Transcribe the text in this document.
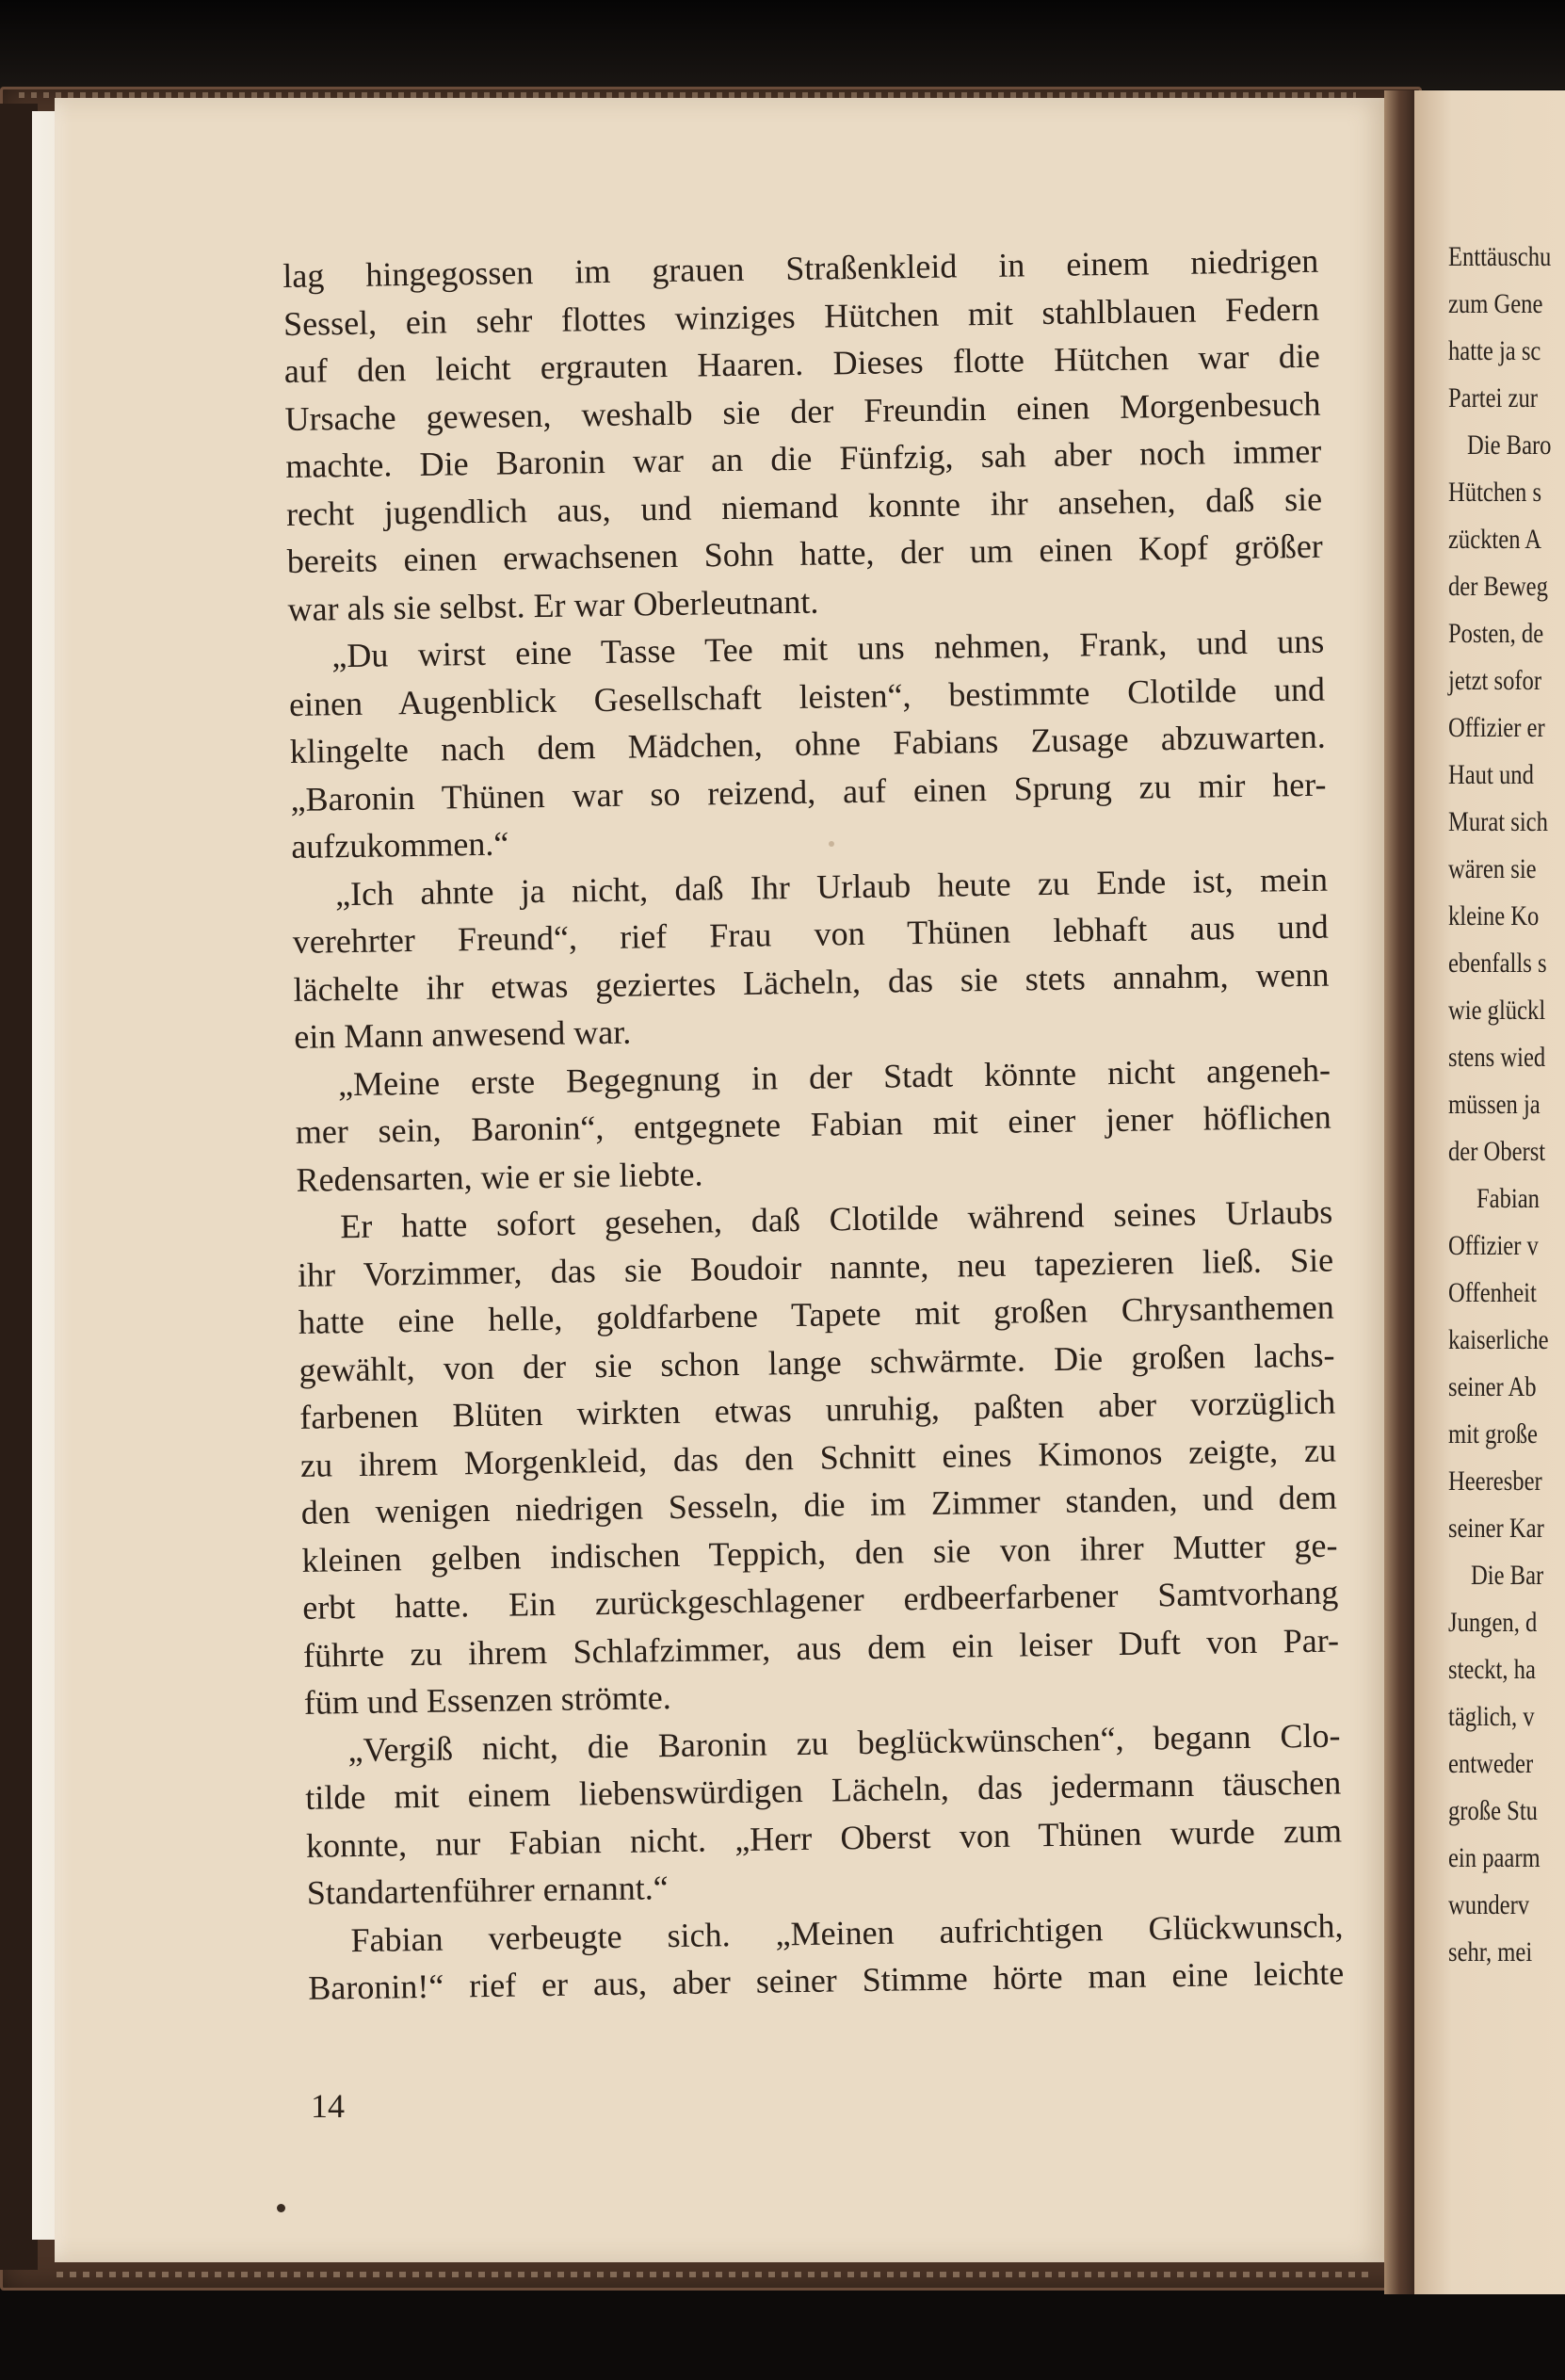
lag hingegossen im grauen Straßenkleid in einem niedrigen
Sessel, ein sehr flottes winziges Hütchen mit stahlblauen Federn
auf den leicht ergrauten Haaren. Dieses flotte Hütchen war die
Ursache gewesen, weshalb sie der Freundin einen Morgenbesuch
machte. Die Baronin war an die Fünfzig, sah aber noch immer
recht jugendlich aus, und niemand konnte ihr ansehen, daß sie
bereits einen erwachsenen Sohn hatte, der um einen Kopf größer
war als sie selbst. Er war Oberleutnant.
„Du wirst eine Tasse Tee mit uns nehmen, Frank, und uns
einen Augenblick Gesellschaft leisten“, bestimmte Clotilde und
klingelte nach dem Mädchen, ohne Fabians Zusage abzuwarten.
„Baronin Thünen war so reizend, auf einen Sprung zu mir her-
aufzukommen.“
„Ich ahnte ja nicht, daß Ihr Urlaub heute zu Ende ist, mein
verehrter Freund“, rief Frau von Thünen lebhaft aus und
lächelte ihr etwas geziertes Lächeln, das sie stets annahm, wenn
ein Mann anwesend war.
„Meine erste Begegnung in der Stadt könnte nicht angeneh-
mer sein, Baronin“, entgegnete Fabian mit einer jener höflichen
Redensarten, wie er sie liebte.
Er hatte sofort gesehen, daß Clotilde während seines Urlaubs
ihr Vorzimmer, das sie Boudoir nannte, neu tapezieren ließ. Sie
hatte eine helle, goldfarbene Tapete mit großen Chrysanthemen
gewählt, von der sie schon lange schwärmte. Die großen lachs-
farbenen Blüten wirkten etwas unruhig, paßten aber vorzüglich
zu ihrem Morgenkleid, das den Schnitt eines Kimonos zeigte, zu
den wenigen niedrigen Sesseln, die im Zimmer standen, und dem
kleinen gelben indischen Teppich, den sie von ihrer Mutter ge-
erbt hatte. Ein zurückgeschlagener erdbeerfarbener Samtvorhang
führte zu ihrem Schlafzimmer, aus dem ein leiser Duft von Par-
füm und Essenzen strömte.
„Vergiß nicht, die Baronin zu beglückwünschen“, begann Clo-
tilde mit einem liebenswürdigen Lächeln, das jedermann täuschen
konnte, nur Fabian nicht. „Herr Oberst von Thünen wurde zum
Standartenführer ernannt.“
Fabian verbeugte sich. „Meinen aufrichtigen Glückwunsch,
Baronin!“ rief er aus, aber seiner Stimme hörte man eine leichte
14
Enttäuschu
zum Gene
hatte ja sc
Partei zur
Die Baro
Hütchen s
zückten A
der Beweg
Posten, de
jetzt sofor
Offizier er
Haut und
Murat sich
wären sie
kleine Ko
ebenfalls s
wie glückl
stens wied
müssen ja
der Oberst
Fabian
Offizier v
Offenheit
kaiserliche
seiner Ab
mit große
Heeresber
seiner Kar
Die Bar
Jungen, d
steckt, ha
täglich, v
entweder
große Stu
ein paarm
wunderv
sehr, mei
